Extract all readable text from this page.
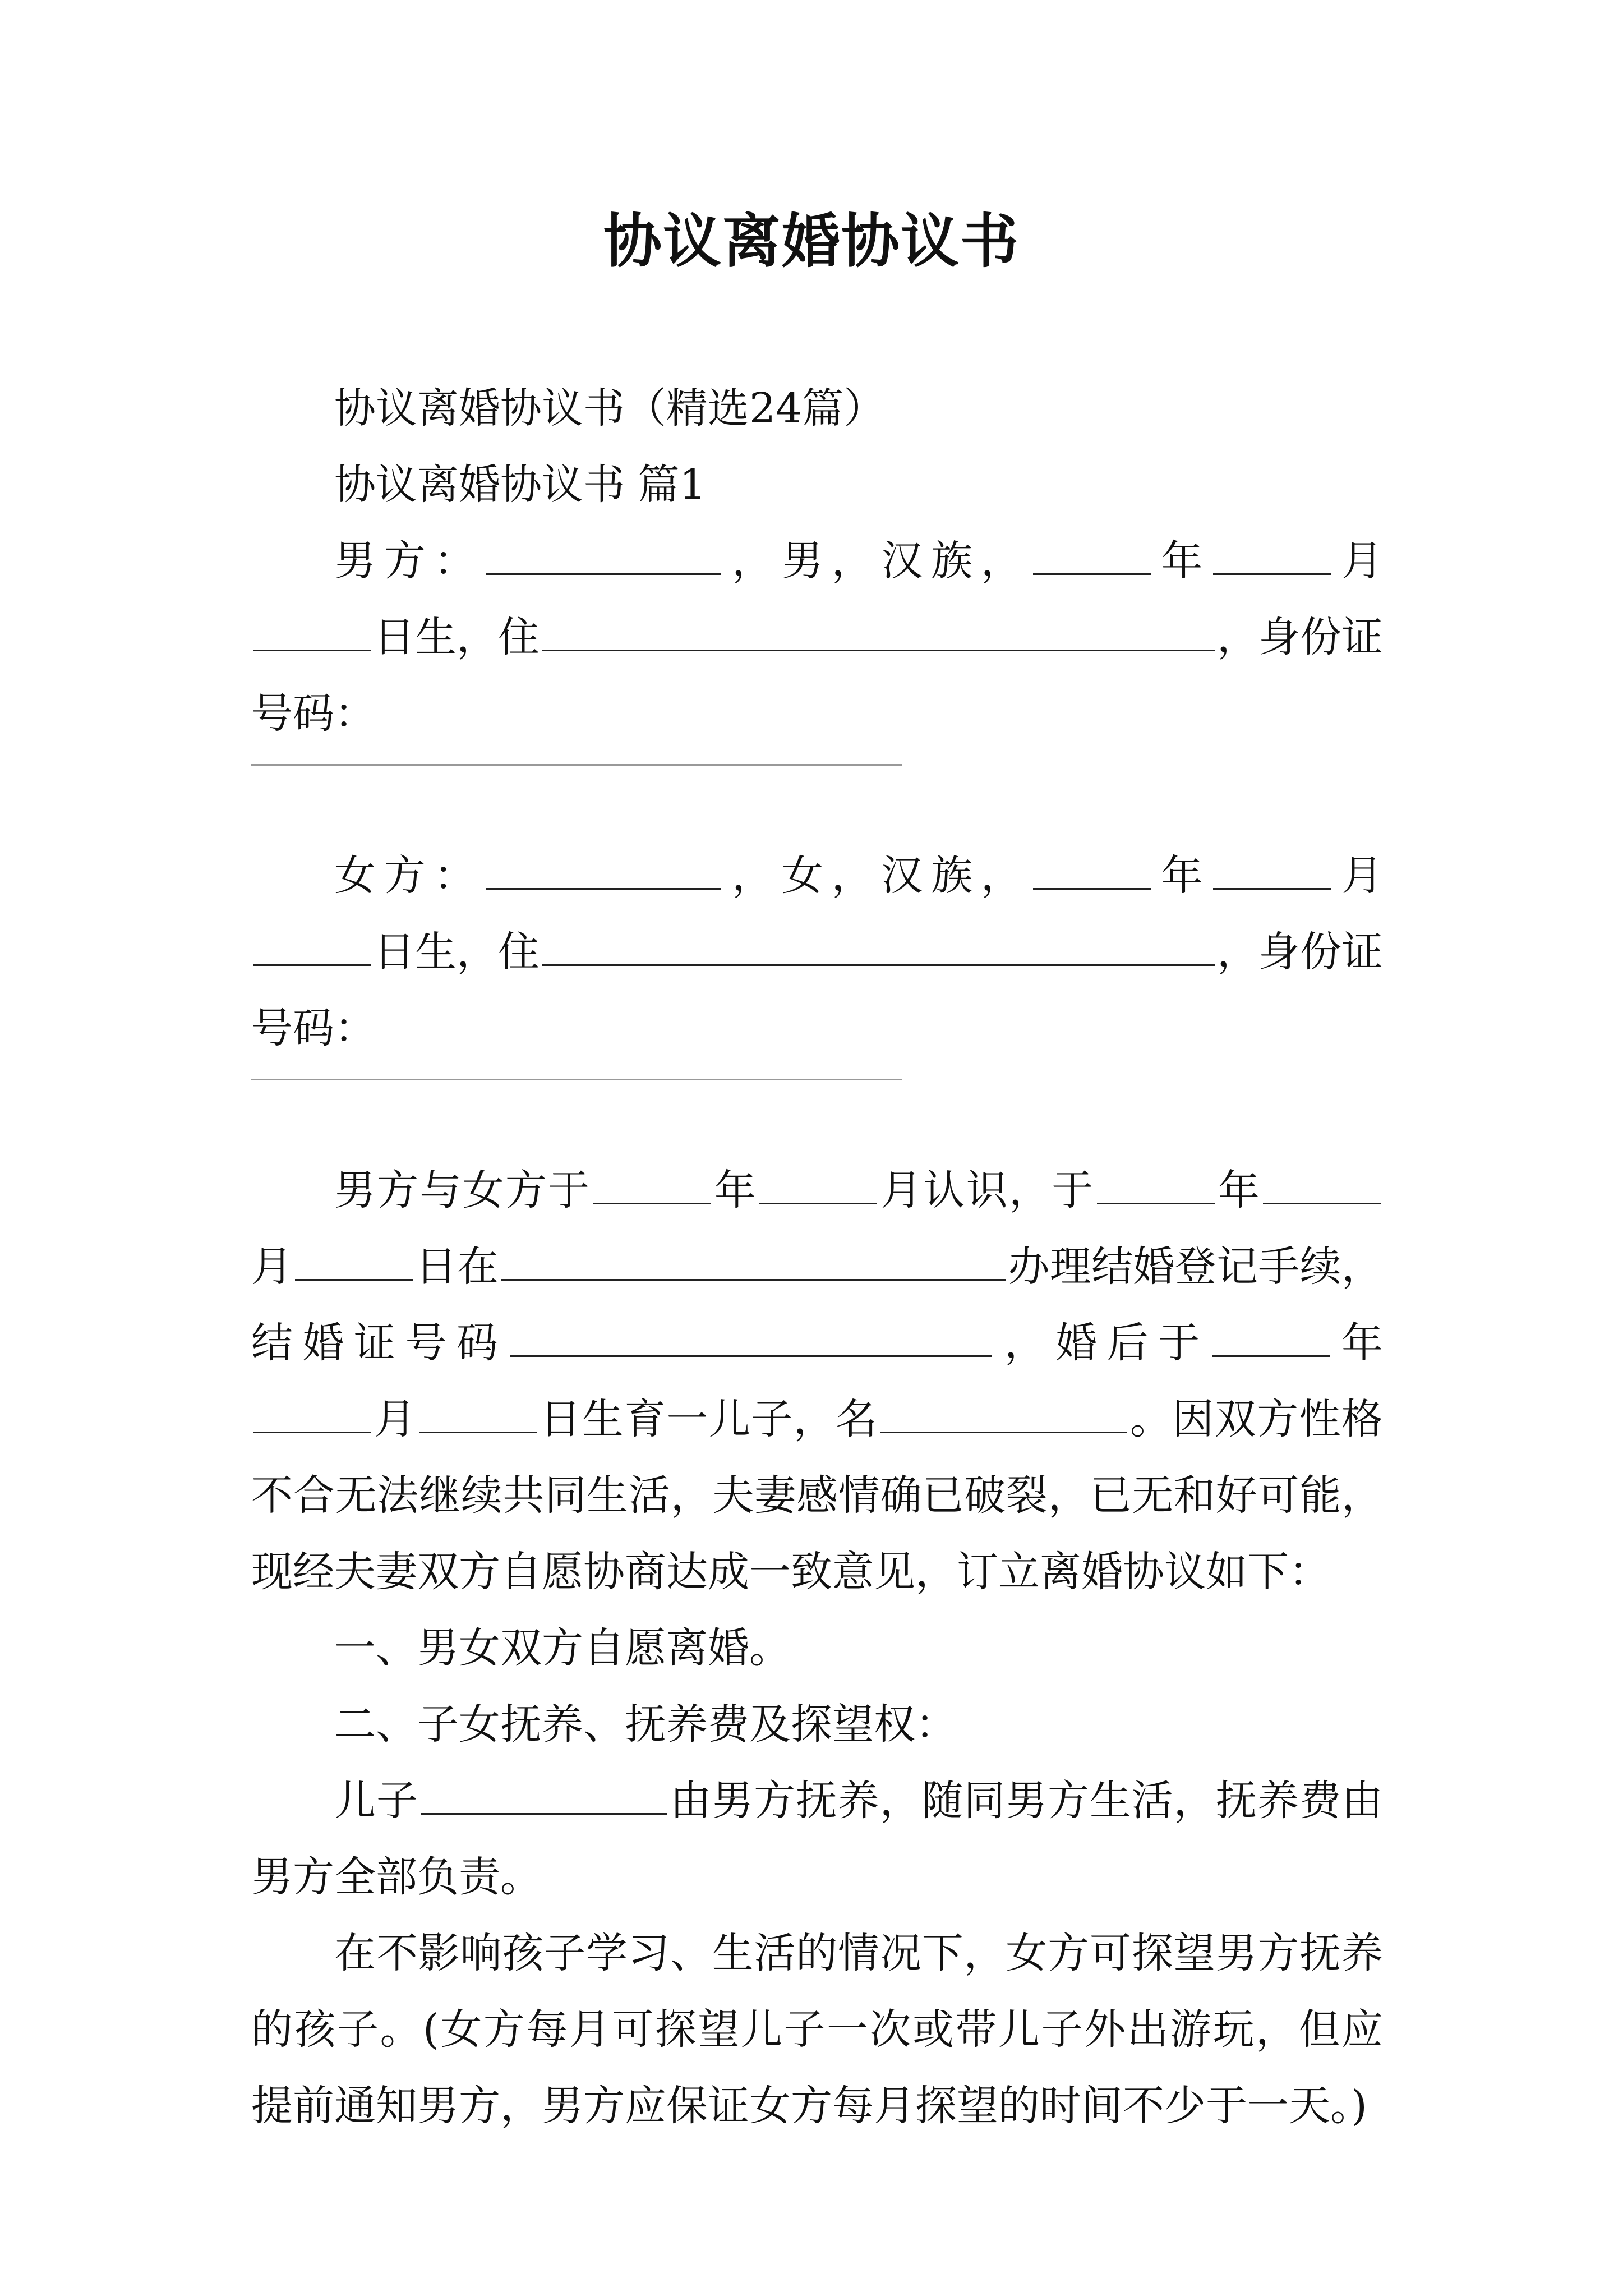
协议离婚协议书

协议离婚协议书（精选24篇）

协议离婚协议书 篇1

男方：	，男，汉族，	年	月日生，住	，身份证号码：

女方：	，女，汉族，	年	月日生，住	，身份证号码：

男方与女方于	年	月认识，于	年月	日在	办理结婚登记手续，结婚证号码	，婚后于	年月	日生育一儿子，名	。因双方性格不合无法继续共同生活，夫妻感情确已破裂，已无和好可能，现经夫妻双方自愿协商达成一致意见，订立离婚协议如下：

一、男女双方自愿离婚。

二、子女抚养、抚养费及探望权：

儿子	由男方抚养，随同男方生活，抚养费由男方全部负责。

在不影响孩子学习、生活的情况下，女方可探望男方抚养的孩子。(女方每月可探望儿子一次或带儿子外出游玩，但应提前通知男方，男方应保证女方每月探望的时间不少于一天。)
